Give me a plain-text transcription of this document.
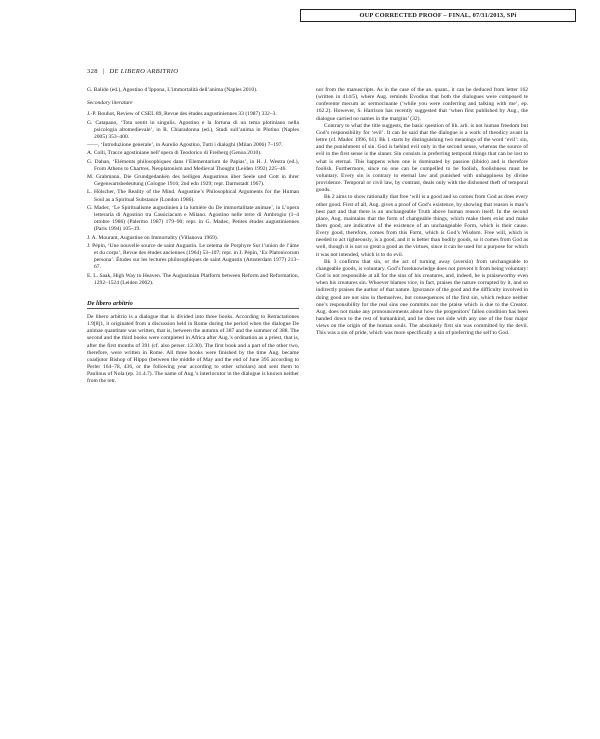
OUP CORRECTED PROOF – FINAL, 07/31/2013, SPi
328 | DE LIBERO ARBITRIO

G. Balido (ed.), Agostino d’Ippona, L’immortalità dell’anima (Naples 2010).

Secondary literature

J.-P. Bouhot, Review of CSEL 89, Revue des études augustiniennes 33 (1987) 332–3.

G. Catapano, ‘Tota sentit in singulis. Agostino e la fortuna di un tema plotiniano nella psicologia altomedievale’, in R. Chiaradonna (ed.), Studi sull’anima in Plotino (Naples 2005) 353–400.

——, ‘Introduzione generale’, in Aurelio Agostino, Tutti i dialoghi (Milan 2006) 7–197.

A. Colli, Tracce agostiniane nell’opera di Teodorico di Freiberg (Genoa 2010).

G. Dahan, ‘Eléments philosophiques dans l’Elementarium de Papias’, in H. J. Westra (ed.), From Athens to Chartres. Neoplatonism and Medieval Thought (Leiden 1992) 225–46.

M. Grabmann, Die Grundgedanken des heiligen Augustinus über Seele und Gott in ihrer Gegenwartsbedeutung (Cologne 1916; 2nd edn 1929; repr. Darmstadt 1967).

L. Hölscher, The Reality of the Mind. Augustine’s Philosophical Arguments for the Human Soul as a Spiritual Substance (London 1986).

G. Madec, ‘Le Spiritualisme augustinien à la lumière du De immortalitate animae’, in L’opera letteraria di Agostino tra Cassiciacum e Milano. Agostino nelle terre di Ambrogio (1–4 ottobre 1986) (Palermo 1987) 179–90; repr. in G. Madec, Petites études augustiniennes (Paris 1994) 105–19.

J. A. Mourant, Augustine on Immortality (Villanova 1969).

J. Pépin, ‘Une nouvelle source de saint Augustin. Le zetema de Porphyre Sur l’union de l’âme et du corps’, Revue des études anciennes (1964) 53–107; repr. in J. Pépin, ‘Ex Platonicorum persona’. Études sur les lectures philosophiques de saint Augustin (Amsterdam 1977) 213–67.

E. L. Saak, High Way to Heaven. The Augustinian Platform between Reform and Reformation, 1292–1524 (Leiden 2002).

De libero arbitrio

De libero arbitrio is a dialogue that is divided into three books. According to Retractationes 1.9[8]1, it originated from a discussion held in Rome during the period when the dialogue De animae quantitate was written, that is, between the autumn of 387 and the summer of 388. The second and the third books were completed in Africa after Aug.’s ordination as a priest, that is, after the first months of 391 (cf. also perser. 12.30). The first book and a part of the other two, therefore, were written in Rome. All three books were finished by the time Aug. became coadjutor Bishop of Hippo (between the middle of May and the end of June 395 according to Perler 164–78, 436, or the following year according to other scholars) and sent them to Paulinus of Nola (ep. 31.4.7). The name of Aug.’s interlocutor in the dialogue is known neither from the retr.

nor from the manuscripts. As in the case of the an. quant., it can be deduced from letter 162 (written in 414/5), where Aug. reminds Evodius that both the dialogues were composed te conferente mecum ac sermocinante (‘while you were conferring and talking with me’, ep. 162.2). However, S. Harrison has recently suggested that ‘when first published by Aug., the dialogue carried no names in the margins’ (32).

Contrary to what the title suggests, the basic question of lib. arb. is not human freedom but God’s responsibility for ‘evil’. It can be said that the dialogue is a work of theodicy avant la lettre (cf. Madec 1996, 61). Bk 1 starts by distinguishing two meanings of the word ‘evil’: sin, and the punishment of sin. God is behind evil only in the second sense, whereas the source of evil in the first sense is the sinner. Sin consists in preferring temporal things that can be lost to what is eternal. This happens when one is dominated by passion (libido) and is therefore foolish. Furthermore, since no one can be compelled to be foolish, foolishness must be voluntary. Every sin is contrary to eternal law and punished with unhappiness by divine providence. Temporal or civil law, by contrast, deals only with the dishonest theft of temporal goods.

Bk 2 aims to show rationally that free ‘will is a good and so comes from God as does every other good. First of all, Aug. gives a proof of God’s existence, by showing that reason is man’s best part and that there is an unchangeable Truth above human reason itself. In the second place, Aug. maintains that the form of changeable things, which make them exist and make them good, are indicative of the existence of an unchangeable Form, which is their cause. Every good, therefore, comes from this Form, which is God’s Wisdom. Free will, which is needed to act righteously, is a good, and it is better than bodily goods, so it comes from God as well, though it is not so great a good as the virtues, since it can be used for a purpose for which it was not intended, which is to do evil.

Bk 3 confirms that sin, or the act of turning away (aversio) from unchangeable to changeable goods, is voluntary. God’s foreknowledge does not prevent it from being voluntary: God is not responsible at all for the sins of his creatures, and, indeed, he is praiseworthy even when his creatures sin. Whoever blames vice, in fact, praises the nature corrupted by it, and so indirectly praises the author of that nature. Ignorance of the good and the difficulty involved in doing good are not sins in themselves, but consequences of the first sin, which reduce neither one’s responsibility for the real sins one commits nor the praise which is due to the Creator. Aug. does not make any pronouncements about how the progenitors’ fallen condition has been handed down to the rest of humankind, and he does not side with any one of the four major views on the origin of the human souls. The absolutely first sin was committed by the devil. This was a sin of pride, which was more specifically a sin of preferring the self to God.
